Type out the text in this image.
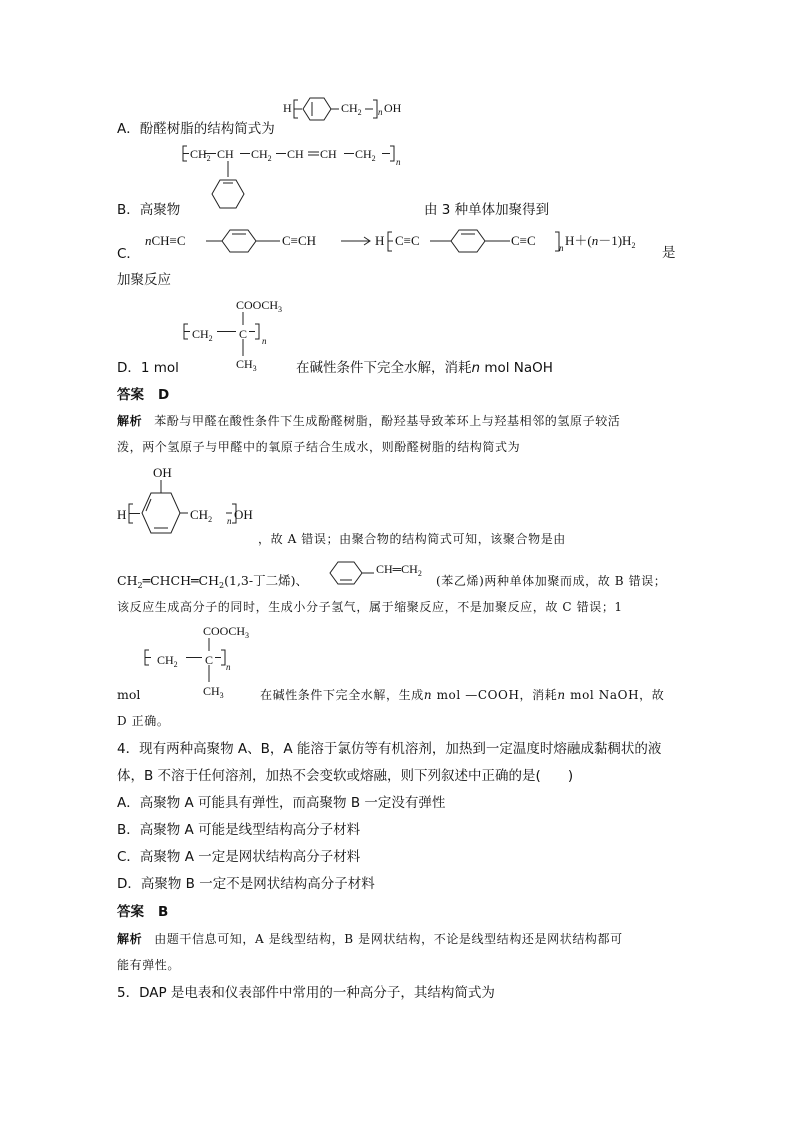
H	$CH_2$ n OH
A．酚醛树脂的结构简式为
$CH_2$ CH $CH_2$ CH CH $CH_2$ n
B．高聚物	由 3 种单体加聚得到
C．
nCH≡C	C≡CH	H C≡C	C≡C	n $H+(n-1)H_2$ 是
加聚反应
$COOCH_3$
$CH_2$ C n
$CH_3$
D．1 mol	在碱性条件下完全水解，消耗n mol NaOH
答案 D
解析 苯酚与甲醛在酸性条件下生成酚醛树脂，酚羟基导致苯环上与羟基相邻的氢原子较活
泼，两个氢原子与甲醛中的氧原子结合生成水，则酚醛树脂的结构简式为
OH
H	$CH_2$ n OH
，故 A 错误；由聚合物的结构简式可知，该聚合物是由
$CH_2═CHCH═CH_2(1,3-$丁二烯)、
$CH═CH_2$
(苯乙烯)两种单体加聚而成，故 B 错误；
该反应生成高分子的同时，生成小分子氢气，属于缩聚反应，不是加聚反应，故 C 错误；1
$COOCH_3$
$CH_2$ C n
$CH_3$
mol	在碱性条件下完全水解，生成n mol —COOH，消耗n mol NaOH，故
D 正确。
4．现有两种高聚物 A、B，A 能溶于氯仿等有机溶剂，加热到一定温度时熔融成黏稠状的液
体，B 不溶于任何溶剂，加热不会变软或熔融，则下列叙述中正确的是(　　)
A．高聚物 A 可能具有弹性，而高聚物 B 一定没有弹性
B．高聚物 A 可能是线型结构高分子材料
C．高聚物 A 一定是网状结构高分子材料
D．高聚物 B 一定不是网状结构高分子材料
答案 B
解析 由题干信息可知，A 是线型结构，B 是网状结构，不论是线型结构还是网状结构都可
能有弹性。
5．DAP 是电表和仪表部件中常用的一种高分子，其结构简式为
